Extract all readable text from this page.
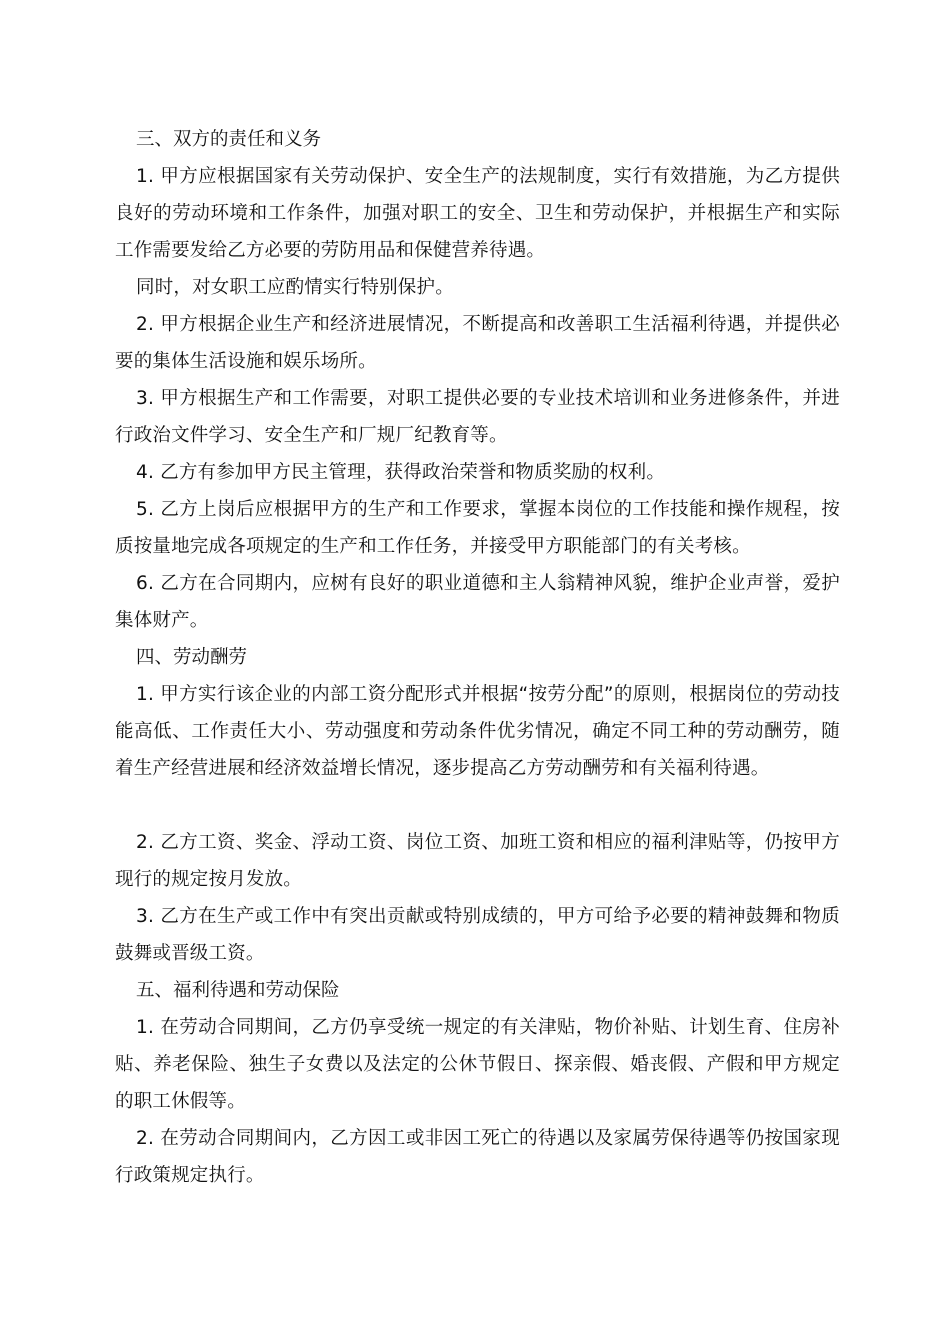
三、双方的责任和义务

1. 甲方应根据国家有关劳动保护、安全生产的法规制度，实行有效措施，为乙方提供良好的劳动环境和工作条件，加强对职工的安全、卫生和劳动保护，并根据生产和实际工作需要发给乙方必要的劳防用品和保健营养待遇。

同时，对女职工应酌情实行特别保护。

2. 甲方根据企业生产和经济进展情况，不断提高和改善职工生活福利待遇，并提供必要的集体生活设施和娱乐场所。

3. 甲方根据生产和工作需要，对职工提供必要的专业技术培训和业务进修条件，并进行政治文件学习、安全生产和厂规厂纪教育等。

4. 乙方有参加甲方民主管理，获得政治荣誉和物质奖励的权利。

5. 乙方上岗后应根据甲方的生产和工作要求，掌握本岗位的工作技能和操作规程，按质按量地完成各项规定的生产和工作任务，并接受甲方职能部门的有关考核。

6. 乙方在合同期内，应树有良好的职业道德和主人翁精神风貌，维护企业声誉，爱护集体财产。

四、劳动酬劳

1. 甲方实行该企业的内部工资分配形式并根据“按劳分配”的原则，根据岗位的劳动技能高低、工作责任大小、劳动强度和劳动条件优劣情况，确定不同工种的劳动酬劳，随着生产经营进展和经济效益增长情况，逐步提高乙方劳动酬劳和有关福利待遇。

2. 乙方工资、奖金、浮动工资、岗位工资、加班工资和相应的福利津贴等，仍按甲方现行的规定按月发放。

3. 乙方在生产或工作中有突出贡献或特别成绩的，甲方可给予必要的精神鼓舞和物质鼓舞或晋级工资。

五、福利待遇和劳动保险

1. 在劳动合同期间，乙方仍享受统一规定的有关津贴，物价补贴、计划生育、住房补贴、养老保险、独生子女费以及法定的公休节假日、探亲假、婚丧假、产假和甲方规定的职工休假等。

2. 在劳动合同期间内，乙方因工或非因工死亡的待遇以及家属劳保待遇等仍按国家现行政策规定执行。
